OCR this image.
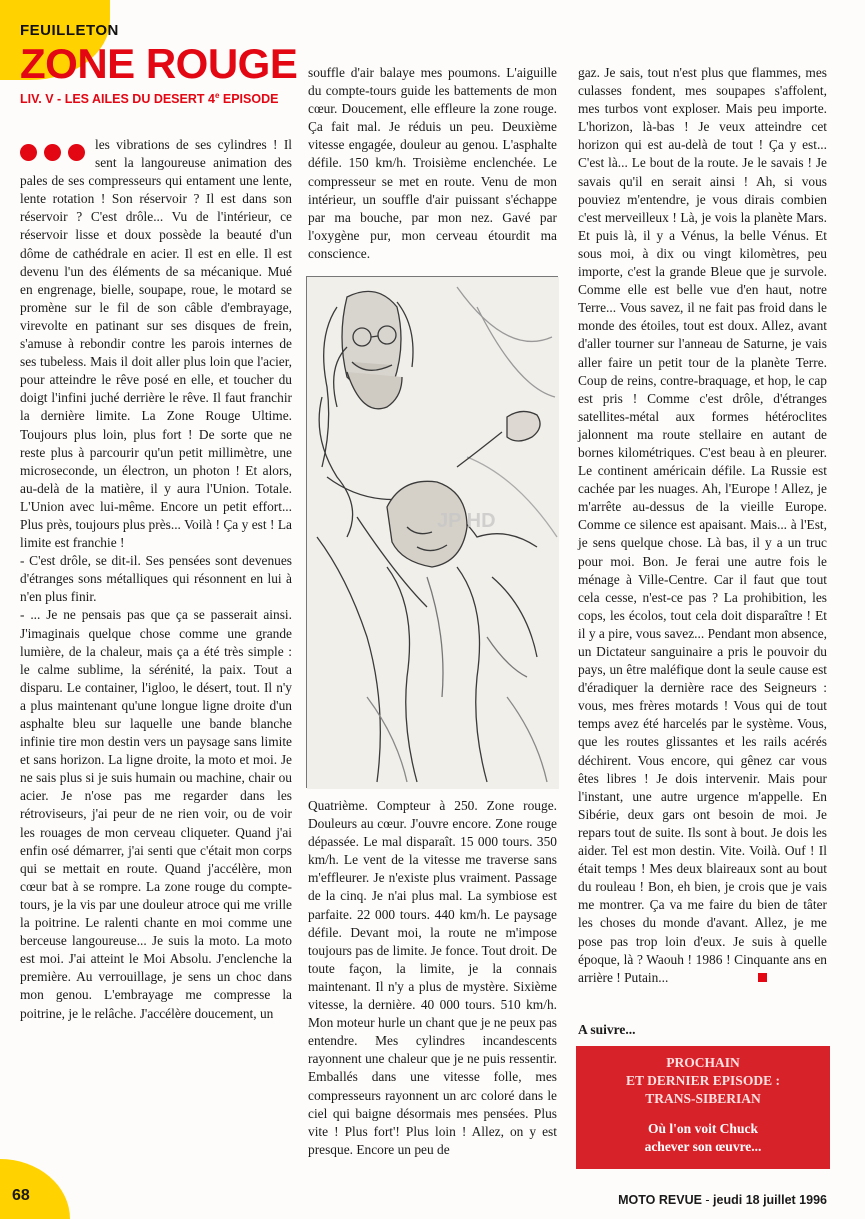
FEUILLETON
ZONE ROUGE
LIV. V - LES AILES DU DESERT 4e EPISODE

les vibrations de ses cylindres ! Il sent la langoureuse animation des pales de ses compresseurs qui entament une lente, lente rotation ! Son réservoir ? Il est dans son réservoir ? C'est drôle... Vu de l'intérieur, ce réservoir lisse et doux possède la beauté d'un dôme de cathédrale en acier. Il est en elle. Il est devenu l'un des éléments de sa mécanique. Mué en engrenage, bielle, soupape, roue, le motard se promène sur le fil de son câble d'embrayage, virevolte en patinant sur ses disques de frein, s'amuse à rebondir contre les parois internes de ses tubeless. Mais il doit aller plus loin que l'acier, pour atteindre le rêve posé en elle, et toucher du doigt l'infini juché derrière le rêve. Il faut franchir la dernière limite. La Zone Rouge Ultime. Toujours plus loin, plus fort ! De sorte que ne reste plus à parcourir qu'un petit millimètre, une microseconde, un électron, un photon ! Et alors, au-delà de la matière, il y aura l'Union. Totale. L'Union avec lui-même. Encore un petit effort... Plus près, toujours plus près... Voilà ! Ça y est ! La limite est franchie !

- C'est drôle, se dit-il. Ses pensées sont devenues d'étranges sons métalliques qui résonnent en lui à n'en plus finir.

- ... Je ne pensais pas que ça se passerait ainsi. J'imaginais quelque chose comme une grande lumière, de la chaleur, mais ça a été très simple : le calme sublime, la sérénité, la paix. Tout a disparu. Le container, l'igloo, le désert, tout. Il n'y a plus maintenant qu'une longue ligne droite d'un asphalte bleu sur laquelle une bande blanche infinie tire mon destin vers un paysage sans limite et sans horizon. La ligne droite, la moto et moi. Je ne sais plus si je suis humain ou machine, chair ou acier. Je n'ose pas me regarder dans les rétroviseurs, j'ai peur de ne rien voir, ou de voir les rouages de mon cerveau cliqueter. Quand j'ai enfin osé démarrer, j'ai senti que c'était mon corps qui se mettait en route. Quand j'accélère, mon cœur bat à se rompre. La zone rouge du compte-tours, je la vis par une douleur atroce qui me vrille la poitrine. Le ralenti chante en moi comme une berceuse langoureuse... Je suis la moto. La moto est moi. J'ai atteint le Moi Absolu. J'enclenche la première. Au verrouillage, je sens un choc dans mon genou. L'embrayage me compresse la poitrine, je le relâche. J'accélère doucement, un

souffle d'air balaye mes poumons. L'aiguille du compte-tours guide les battements de mon cœur. Doucement, elle effleure la zone rouge. Ça fait mal. Je réduis un peu. Deuxième vitesse engagée, douleur au genou. L'asphalte défile. 150 km/h. Troisième enclenchée. Le compresseur se met en route. Venu de mon intérieur, un souffle d'air puissant s'échappe par ma bouche, par mon nez. Gavé par l'oxygène pur, mon cerveau étourdit ma conscience.

JP HD

Quatrième. Compteur à 250. Zone rouge. Douleurs au cœur. J'ouvre encore. Zone rouge dépassée. Le mal disparaît. 15 000 tours. 350 km/h. Le vent de la vitesse me traverse sans m'effleurer. Je n'existe plus vraiment. Passage de la cinq. Je n'ai plus mal. La symbiose est parfaite. 22 000 tours. 440 km/h. Le paysage défile. Devant moi, la route ne m'impose toujours pas de limite. Je fonce. Tout droit. De toute façon, la limite, je la connais maintenant. Il n'y a plus de mystère. Sixième vitesse, la dernière. 40 000 tours. 510 km/h. Mon moteur hurle un chant que je ne peux pas entendre. Mes cylindres incandescents rayonnent une chaleur que je ne puis ressentir. Emballés dans une vitesse folle, mes compresseurs rayonnent un arc coloré dans le ciel qui baigne désormais mes pensées. Plus vite ! Plus fort'! Plus loin ! Allez, on y est presque. Encore un peu de

gaz. Je sais, tout n'est plus que flammes, mes culasses fondent, mes soupapes s'affolent, mes turbos vont exploser. Mais peu importe. L'horizon, là-bas ! Je veux atteindre cet horizon qui est au-delà de tout ! Ça y est... C'est là... Le bout de la route. Je le savais ! Je savais qu'il en serait ainsi ! Ah, si vous pouviez m'entendre, je vous dirais combien c'est merveilleux ! Là, je vois la planète Mars. Et puis là, il y a Vénus, la belle Vénus. Et sous moi, à dix ou vingt kilomètres, peu importe, c'est la grande Bleue que je survole. Comme elle est belle vue d'en haut, notre Terre... Vous savez, il ne fait pas froid dans le monde des étoiles, tout est doux. Allez, avant d'aller tourner sur l'anneau de Saturne, je vais aller faire un petit tour de la planète Terre. Coup de reins, contre-braquage, et hop, le cap est pris ! Comme c'est drôle, d'étranges satellites-métal aux formes hétéroclites jalonnent ma route stellaire en autant de bornes kilométriques. C'est beau à en pleurer. Le continent américain défile. La Russie est cachée par les nuages. Ah, l'Europe ! Allez, je m'arrête au-dessus de la vieille Europe. Comme ce silence est apaisant. Mais... à l'Est, je sens quelque chose. Là bas, il y a un truc pour moi. Bon. Je ferai une autre fois le ménage à Ville-Centre. Car il faut que tout cela cesse, n'est-ce pas ? La prohibition, les cops, les écolos, tout cela doit disparaître ! Et il y a pire, vous savez... Pendant mon absence, un Dictateur sanguinaire a pris le pouvoir du pays, un être maléfique dont la seule cause est d'éradiquer la dernière race des Seigneurs : vous, mes frères motards ! Vous qui de tout temps avez été harcelés par le système. Vous, que les routes glissantes et les rails acérés déchirent. Vous encore, qui gênez car vous êtes libres ! Je dois intervenir. Mais pour l'instant, une autre urgence m'appelle. En Sibérie, deux gars ont besoin de moi. Je repars tout de suite. Ils sont à bout. Je dois les aider. Tel est mon destin. Vite. Voilà. Ouf ! Il était temps ! Mes deux blaireaux sont au bout du rouleau ! Bon, eh bien, je crois que je vais me montrer. Ça va me faire du bien de tâter les choses du monde d'avant. Allez, je me pose pas trop loin d'eux. Je suis à quelle époque, là ? Waouh ! 1986 ! Cinquante ans en arrière ! Putain...

A suivre...
PROCHAIN
ET DERNIER EPISODE :
TRANS-SIBERIAN
Où l'on voit Chuck
achever son œuvre...
68	MOTO REVUE - jeudi 18 juillet 1996
